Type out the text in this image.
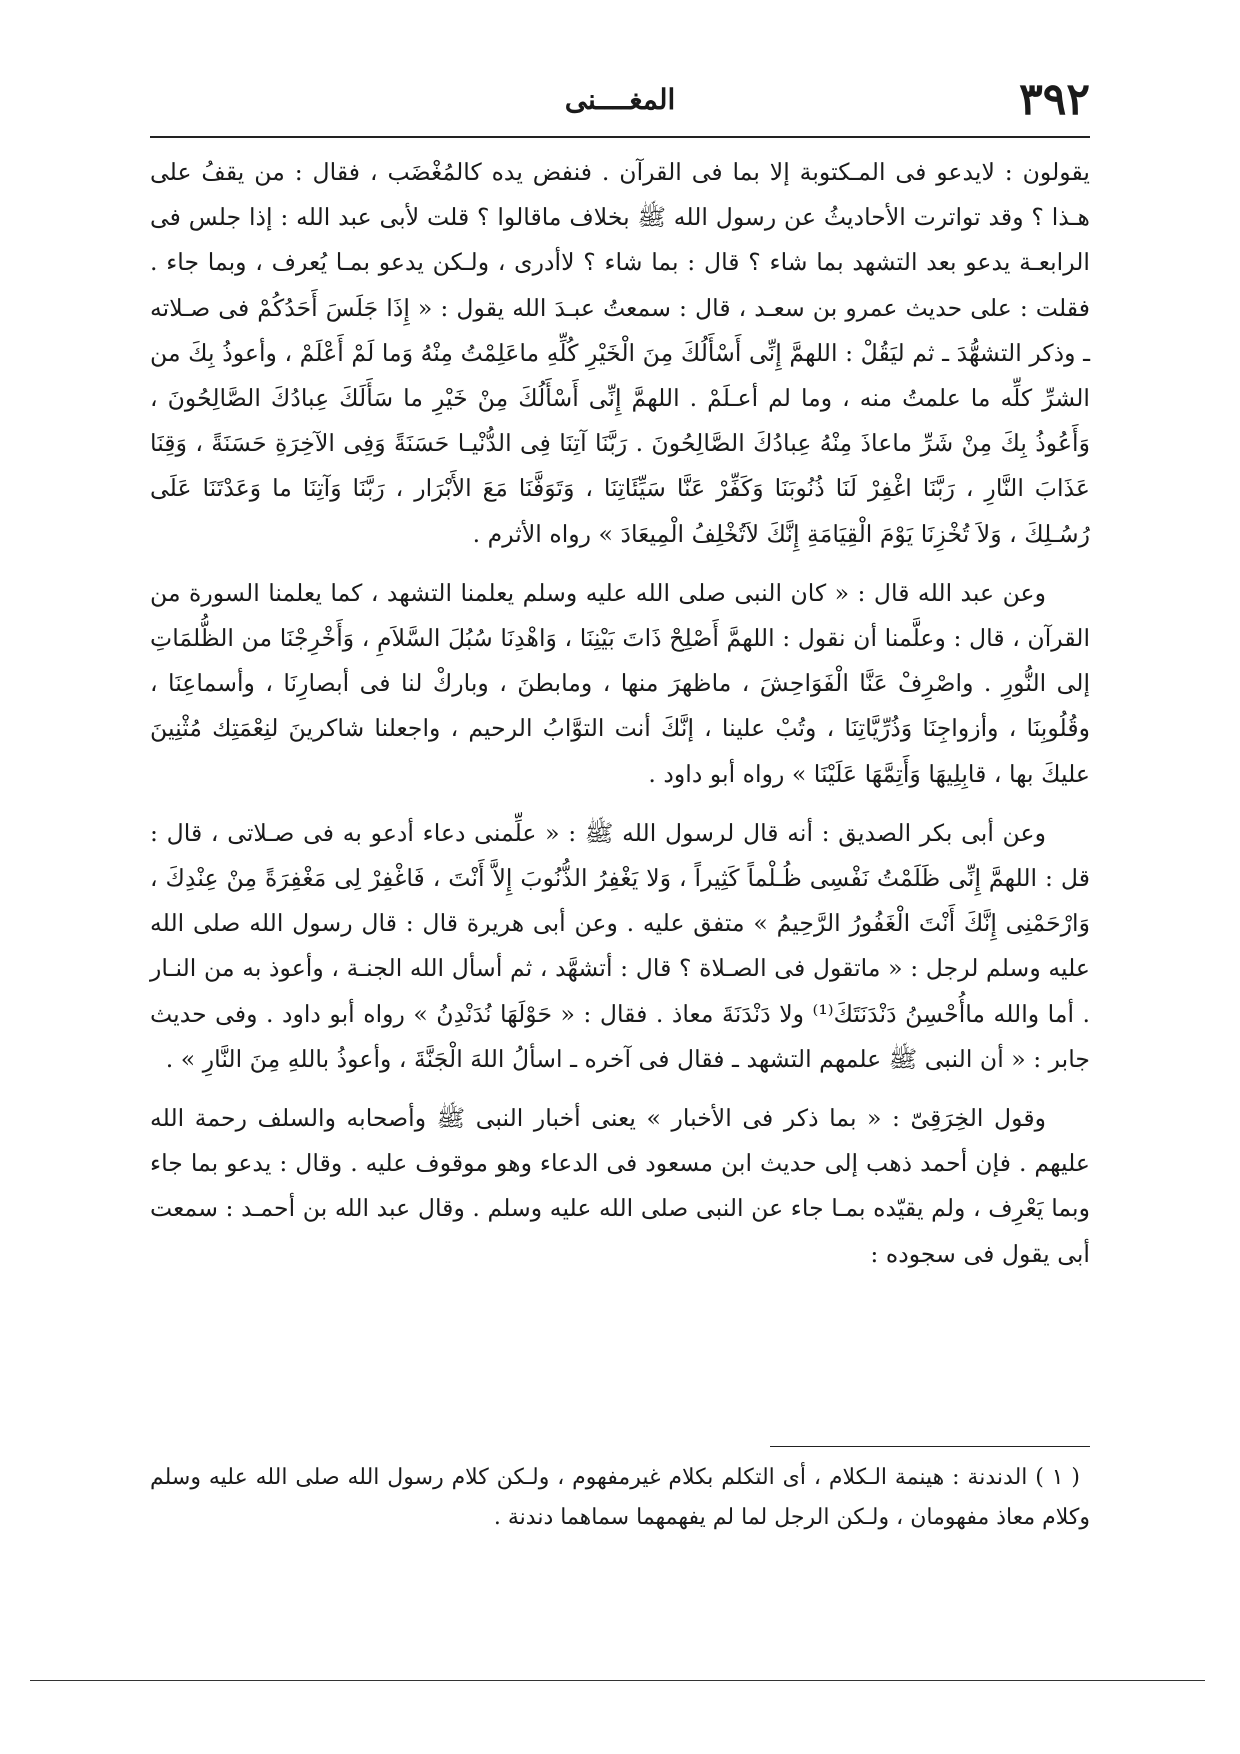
٣٩٢
المغــــنى

يقولون : لايدعو فى المـكتوبة إلا بما فى القرآن . فنفض يده كالمُغْضَب ، فقال : من يقفُ على هـذا ؟ وقد تواترت الأحاديثُ عن رسول الله ﷺ بخلاف ماقالوا ؟ قلت لأبى عبد الله : إذا جلس فى الرابعـة يدعو بعد التشهد بما شاء ؟ قال : بما شاء ؟ لاأدرى ، ولـكن يدعو بمـا يُعرف ، وبما جاء . فقلت : على حديث عمرو بن سعـد ، قال : سمعتُ عبـدَ الله يقول : « إِذَا جَلَسَ أَحَدُكُمْ فى صـلاته ـ وذكر التشهُّدَ ـ ثم ليَقُلْ : اللهمَّ إِنِّى أَسْأَلُكَ مِنَ الْخَيْرِ كُلِّهِ ماعَلِمْتُ مِنْهُ وَما لَمْ أَعْلَمْ ، وأعوذُ بِكَ من الشرِّ كلِّه ما علمتُ منه ، وما لم أعـلَمْ . اللهمَّ إِنِّى أَسْأَلُكَ مِنْ خَيْرِ ما سَأَلَكَ عِبادُكَ الصَّالِحُونَ ، وَأَعُوذُ بِكَ مِنْ شَرِّ ماعاذَ مِنْهُ عِبادُكَ الصَّالِحُونَ . رَبَّنَا آتِنَا فِى الدُّنْيـا حَسَنَةً وَفِى الآخِرَةِ حَسَنَةً ، وَقِنَا عَذَابَ النَّارِ ، رَبَّنَا اغْفِرْ لَنَا ذُنُوبَنَا وَكَفِّرْ عَنَّا سَيِّئَاتِنَا ، وَتَوَفَّنَا مَعَ الأَبْرَار ، رَبَّنَا وَآتِنَا ما وَعَدْتَنَا عَلَى رُسُـلِكَ ، وَلاَ تُخْزِنَا يَوْمَ الْقِيَامَةِ إِنَّكَ لاَتُخْلِفُ الْمِيعَادَ » رواه الأثرم .

وعن عبد الله قال : « كان النبى صلى الله عليه وسلم يعلمنا التشهد ، كما يعلمنا السورة من القرآن ، قال : وعلَّمنا أن نقول : اللهمَّ أَصْلِحْ ذَاتَ بَيْنِنَا ، وَاهْدِنَا سُبُلَ السَّلاَمِ ، وَأَخْرِجْنَا من الظُّلمَاتِ إلى النُّورِ . واصْرِفْ عَنَّا الْفَوَاحِشَ ، ماظهرَ منها ، ومابطنَ ، وباركْ لنا فى أبصارِنَا ، وأسماعِنَا ، وقُلُوبِنَا ، وأزواجِنَا وَذُرِّيَّاتِنَا ، وتُبْ علينا ، إنَّكَ أنت التوَّابُ الرحيم ، واجعلنا شاكرينَ لنِعْمَتِك مُثْنِينَ عليكَ بها ، قابِلِيهَا وَأَتِمَّهَا عَلَيْنَا » رواه أبو داود .

وعن أبى بكر الصديق : أنه قال لرسول الله ﷺ : « علِّمنى دعاء أدعو به فى صـلاتى ، قال : قل : اللهمَّ إِنِّى ظَلَمْتُ نَفْسِى ظُـلْماً كَثِيراً ، وَلا يَغْفِرُ الذُّنُوبَ إِلاَّ أَنْتَ ، فَاغْفِرْ لِى مَغْفِرَةً مِنْ عِنْدِكَ ، وَارْحَمْنِى إِنَّكَ أَنْتَ الْغَفُورُ الرَّحِيمُ » متفق عليه . وعن أبى هريرة قال : قال رسول الله صلى الله عليه وسلم لرجل : « ماتقول فى الصـلاة ؟ قال : أتشهَّد ، ثم أسأل الله الجنـة ، وأعوذ به من النـار . أما والله ماأُحْسِنُ دَنْدَنَتَكَ⁽¹⁾ ولا دَنْدَنَةَ معاذ . فقال : « حَوْلَهَا نُدَنْدِنُ » رواه أبو داود . وفى حديث جابر : « أن النبى ﷺ علمهم التشهد ـ فقال فى آخره ـ اسألُ اللهَ الْجَنَّةَ ، وأعوذُ باللهِ مِنَ النَّارِ » .

وقول الخِرَقِىّ : « بما ذكر فى الأخبار » يعنى أخبار النبى ﷺ وأصحابه والسلف رحمة الله عليهم . فإن أحمد ذهب إلى حديث ابن مسعود فى الدعاء وهو موقوف عليه . وقال : يدعو بما جاء وبما يَعْرِف ، ولم يقيّده بمـا جاء عن النبى صلى الله عليه وسلم . وقال عبد الله بن أحمـد : سمعت أبى يقول فى سجوده :

( ١ ) الدندنة : هينمة الـكلام ، أى التكلم بكلام غيرمفهوم ، ولـكن كلام رسول الله صلى الله عليه وسلم وكلام معاذ مفهومان ، ولـكن الرجل لما لم يفهمهما سماهما دندنة .
